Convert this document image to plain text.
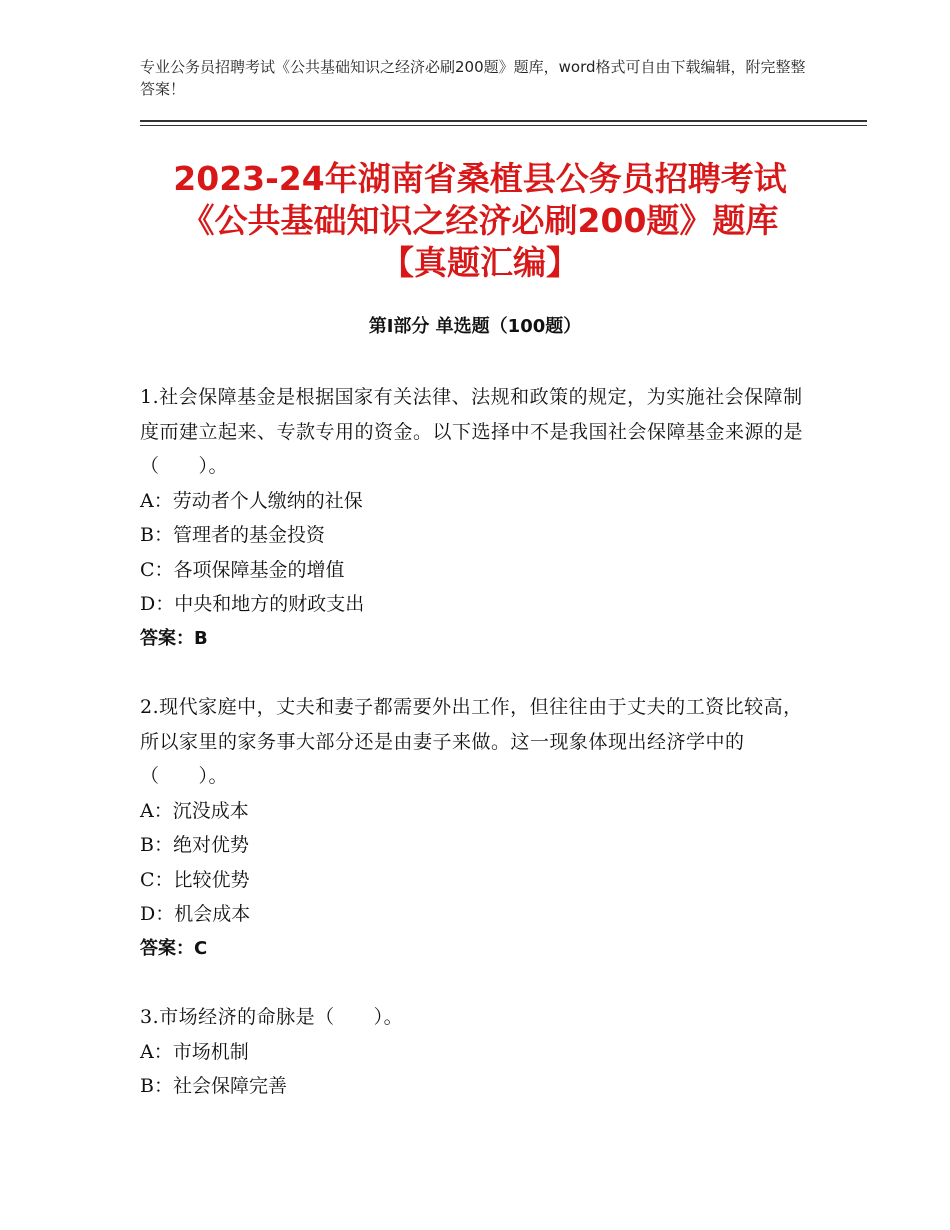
专业公务员招聘考试《公共基础知识之经济必刷200题》题库，word格式可自由下载编辑，附完整整答案！
2023-24年湖南省桑植县公务员招聘考试
《公共基础知识之经济必刷200题》题库
【真题汇编】
第I部分 单选题（100题）
1.社会保障基金是根据国家有关法律、法规和政策的规定，为实施社会保障制度而建立起来、专款专用的资金。以下选择中不是我国社会保障基金来源的是（　　）。
A：劳动者个人缴纳的社保
B：管理者的基金投资
C：各项保障基金的增值
D：中央和地方的财政支出
答案：B
2.现代家庭中，丈夫和妻子都需要外出工作，但往往由于丈夫的工资比较高，所以家里的家务事大部分还是由妻子来做。这一现象体现出经济学中的（　　）。
A：沉没成本
B：绝对优势
C：比较优势
D：机会成本
答案：C
3.市场经济的命脉是（　　）。
A：市场机制
B：社会保障完善
